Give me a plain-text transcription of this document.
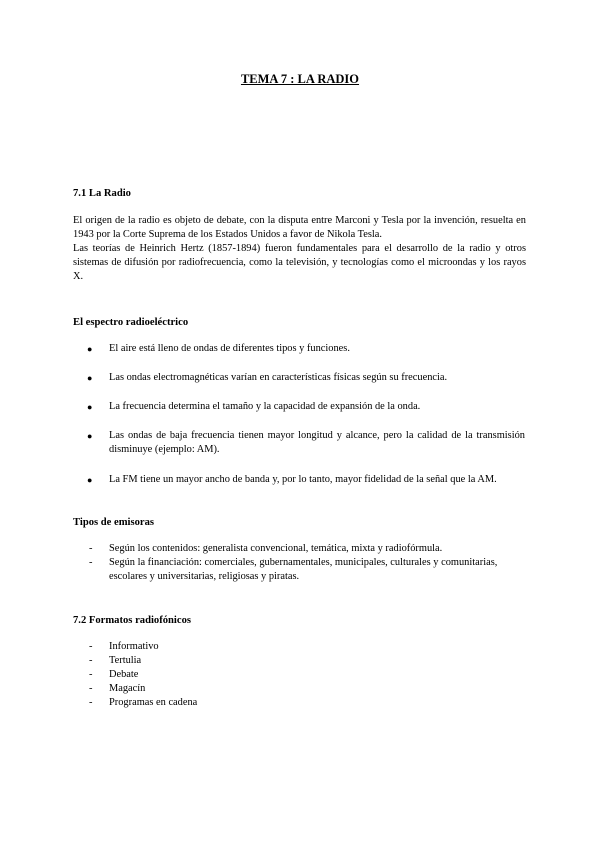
TEMA 7 : LA RADIO
7.1 La Radio

El origen de la radio es objeto de debate, con la disputa entre Marconi y Tesla por la invención, resuelta en 1943 por la Corte Suprema de los Estados Unidos a favor de Nikola Tesla.

Las teorías de Heinrich Hertz (1857-1894) fueron fundamentales para el desarrollo de la radio y otros sistemas de difusión por radiofrecuencia, como la televisión, y tecnologías como el microondas y los rayos X.

El espectro radioeléctrico
● El aire está lleno de ondas de diferentes tipos y funciones.
● Las ondas electromagnéticas varían en características físicas según su frecuencia.
● La frecuencia determina el tamaño y la capacidad de expansión de la onda.
● Las ondas de baja frecuencia tienen mayor longitud y alcance, pero la calidad de la transmisión disminuye (ejemplo: AM).
● La FM tiene un mayor ancho de banda y, por lo tanto, mayor fidelidad de la señal que la AM.
Tipos de emisoras
- Según los contenidos: generalista convencional, temática, mixta y radiofórmula.
- Según la financiación: comerciales, gubernamentales, municipales, culturales y comunitarias, escolares y universitarias, religiosas y piratas.
7.2 Formatos radiofónicos
- Informativo
- Tertulia
- Debate
- Magacín
- Programas en cadena
